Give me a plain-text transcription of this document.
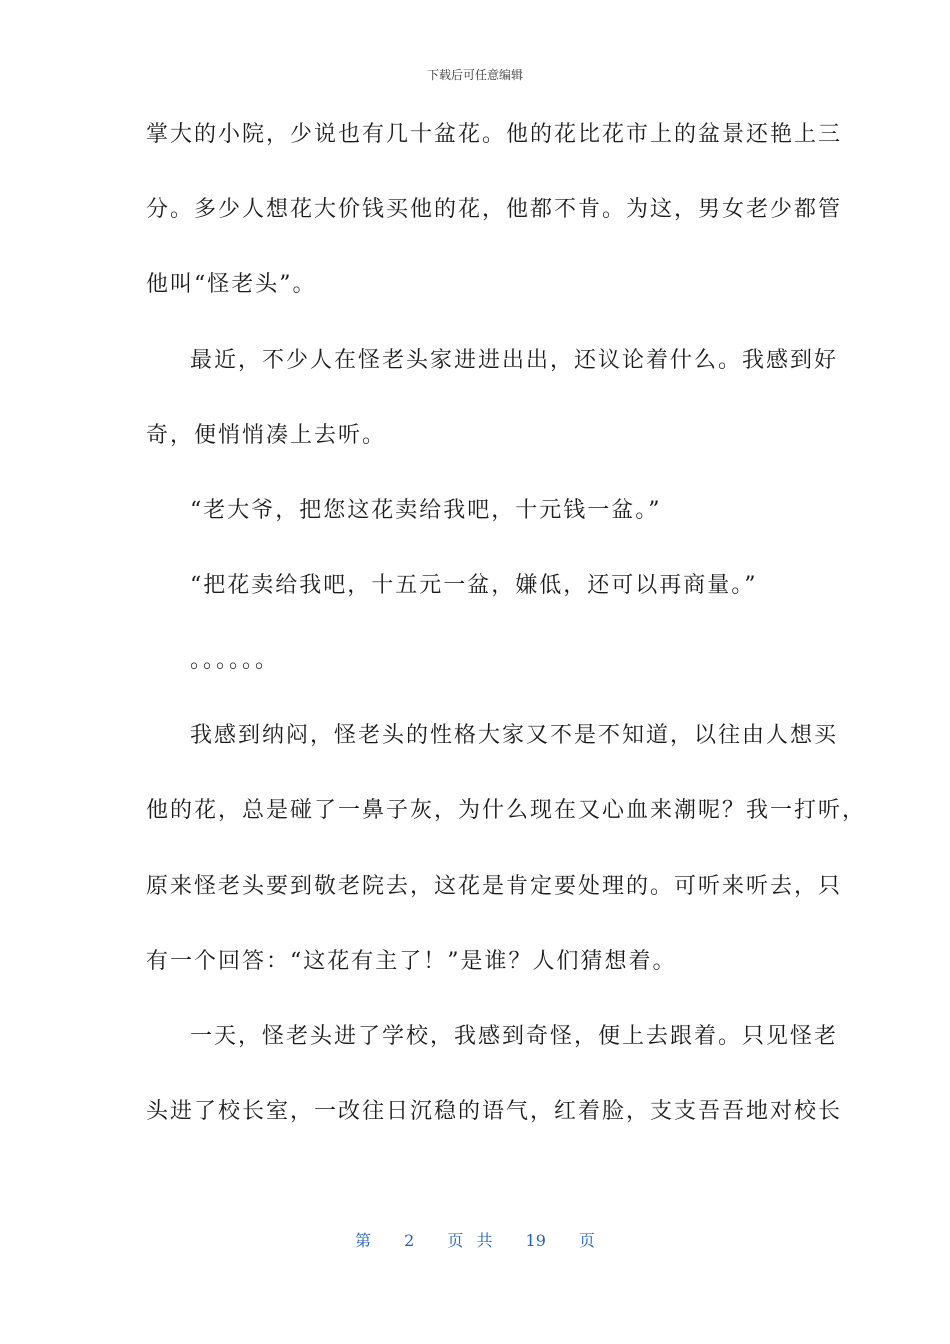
下载后可任意编辑
掌大的小院，少说也有几十盆花。他的花比花市上的盆景还艳上三
分。多少人想花大价钱买他的花，他都不肯。为这，男女老少都管
他叫“怪老头”。
最近，不少人在怪老头家进进出出，还议论着什么。我感到好
奇，便悄悄凑上去听。
“老大爷，把您这花卖给我吧，十元钱一盆。”
“把花卖给我吧，十五元一盆，嫌低，还可以再商量。”
。。。。。。
我感到纳闷，怪老头的性格大家又不是不知道，以往由人想买
他的花，总是碰了一鼻子灰，为什么现在又心血来潮呢？我一打听，
原来怪老头要到敬老院去，这花是肯定要处理的。可听来听去，只
有一个回答：“这花有主了！”是谁？人们猜想着。
一天，怪老头进了学校，我感到奇怪，便上去跟着。只见怪老
头进了校长室，一改往日沉稳的语气，红着脸，支支吾吾地对校长
第 2 页 共 19 页
